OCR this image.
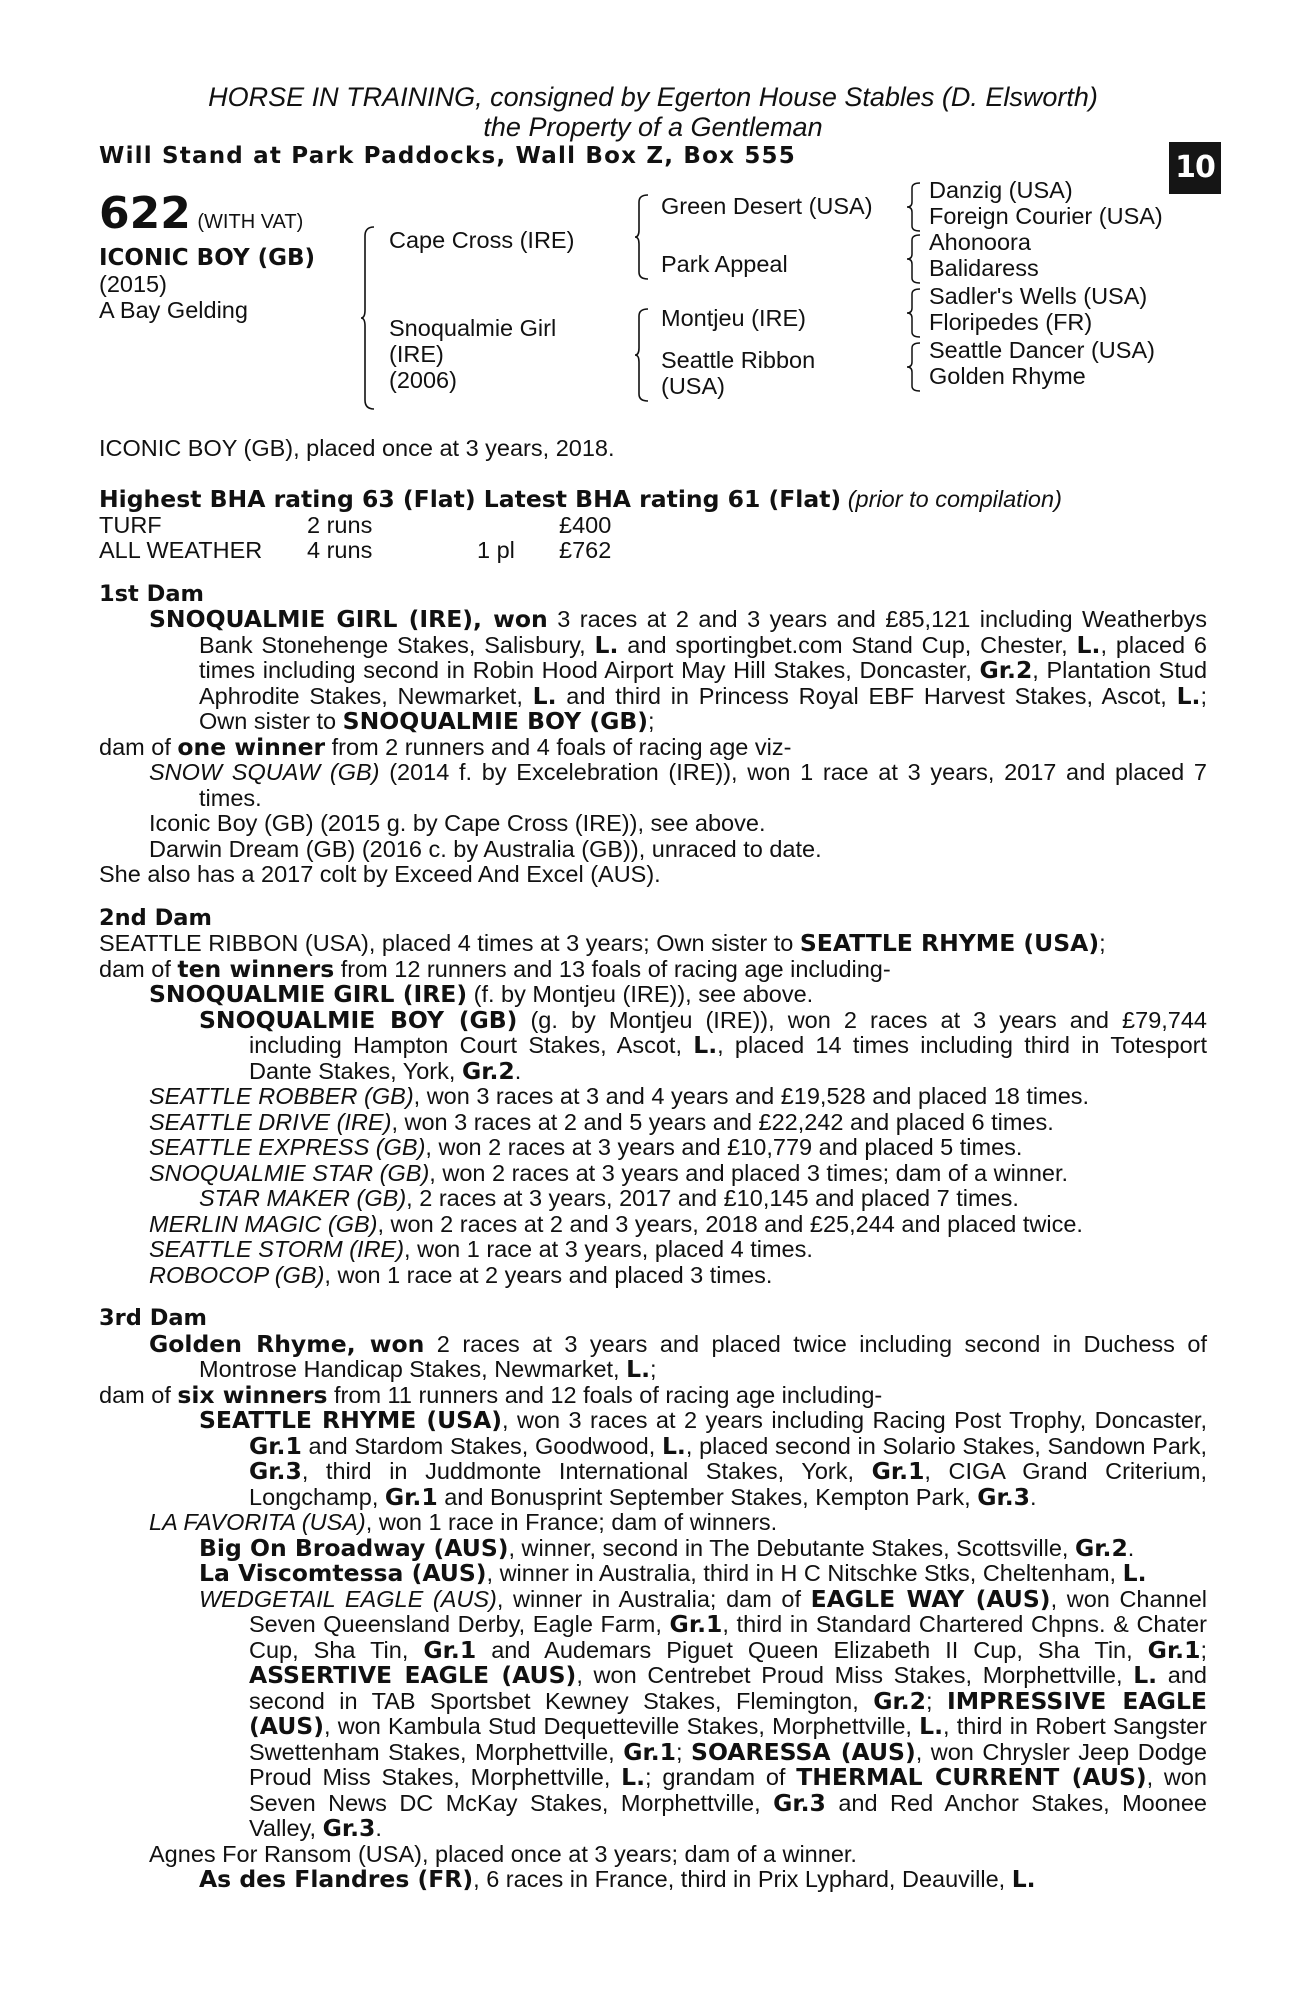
HORSE IN TRAINING, consigned by Egerton House Stables (D. Elsworth)
the Property of a Gentleman
Will Stand at Park Paddocks, Wall Box Z, Box 555
+
10
622 (WITH VAT)
ICONIC BOY (GB)
(2015)
A Bay Gelding
Cape Cross (IRE)
Snoqualmie Girl
(IRE)
(2006)
Green Desert (USA)
Park Appeal
Montjeu (IRE)
Seattle Ribbon
(USA)
Danzig (USA)
Foreign Courier (USA)
Ahonoora
Balidaress
Sadler's Wells (USA)
Floripedes (FR)
Seattle Dancer (USA)
Golden Rhyme

ICONIC BOY (GB), placed once at 3 years, 2018.

Highest BHA rating 63 (Flat) Latest BHA rating 61 (Flat) (prior to compilation)

TURF	2 runs		£400
ALL WEATHER	4 runs	1 pl	£762

1st Dam

SNOQUALMIE GIRL (IRE), won 3 races at 2 and 3 years and £85,121 including Weatherbys Bank Stonehenge Stakes, Salisbury, L. and sportingbet.com Stand Cup, Chester, L., placed 6 times including second in Robin Hood Airport May Hill Stakes, Doncaster, Gr.2, Plantation Stud Aphrodite Stakes, Newmarket, L. and third in Princess Royal EBF Harvest Stakes, Ascot, L.; Own sister to SNOQUALMIE BOY (GB);

dam of one winner from 2 runners and 4 foals of racing age viz-

SNOW SQUAW (GB) (2014 f. by Excelebration (IRE)), won 1 race at 3 years, 2017 and placed 7 times.

Iconic Boy (GB) (2015 g. by Cape Cross (IRE)), see above.

Darwin Dream (GB) (2016 c. by Australia (GB)), unraced to date.

She also has a 2017 colt by Exceed And Excel (AUS).

2nd Dam

SEATTLE RIBBON (USA), placed 4 times at 3 years; Own sister to SEATTLE RHYME (USA);

dam of ten winners from 12 runners and 13 foals of racing age including-

SNOQUALMIE GIRL (IRE) (f. by Montjeu (IRE)), see above.

SNOQUALMIE BOY (GB) (g. by Montjeu (IRE)), won 2 races at 3 years and £79,744 including Hampton Court Stakes, Ascot, L., placed 14 times including third in Totesport Dante Stakes, York, Gr.2.

SEATTLE ROBBER (GB), won 3 races at 3 and 4 years and £19,528 and placed 18 times.

SEATTLE DRIVE (IRE), won 3 races at 2 and 5 years and £22,242 and placed 6 times.

SEATTLE EXPRESS (GB), won 2 races at 3 years and £10,779 and placed 5 times.

SNOQUALMIE STAR (GB), won 2 races at 3 years and placed 3 times; dam of a winner.

STAR MAKER (GB), 2 races at 3 years, 2017 and £10,145 and placed 7 times.

MERLIN MAGIC (GB), won 2 races at 2 and 3 years, 2018 and £25,244 and placed twice.

SEATTLE STORM (IRE), won 1 race at 3 years, placed 4 times.

ROBOCOP (GB), won 1 race at 2 years and placed 3 times.

3rd Dam

Golden Rhyme, won 2 races at 3 years and placed twice including second in Duchess of Montrose Handicap Stakes, Newmarket, L.;

dam of six winners from 11 runners and 12 foals of racing age including-

SEATTLE RHYME (USA), won 3 races at 2 years including Racing Post Trophy, Doncaster, Gr.1 and Stardom Stakes, Goodwood, L., placed second in Solario Stakes, Sandown Park, Gr.3, third in Juddmonte International Stakes, York, Gr.1, CIGA Grand Criterium, Longchamp, Gr.1 and Bonusprint September Stakes, Kempton Park, Gr.3.

LA FAVORITA (USA), won 1 race in France; dam of winners.

Big On Broadway (AUS), winner, second in The Debutante Stakes, Scottsville, Gr.2.

La Viscomtessa (AUS), winner in Australia, third in H C Nitschke Stks, Cheltenham, L.

WEDGETAIL EAGLE (AUS), winner in Australia; dam of EAGLE WAY (AUS), won Channel Seven Queensland Derby, Eagle Farm, Gr.1, third in Standard Chartered Chpns. & Chater Cup, Sha Tin, Gr.1 and Audemars Piguet Queen Elizabeth II Cup, Sha Tin, Gr.1; ASSERTIVE EAGLE (AUS), won Centrebet Proud Miss Stakes, Morphettville, L. and second in TAB Sportsbet Kewney Stakes, Flemington, Gr.2; IMPRESSIVE EAGLE (AUS), won Kambula Stud Dequetteville Stakes, Morphettville, L., third in Robert Sangster Swettenham Stakes, Morphettville, Gr.1; SOARESSA (AUS), won Chrysler Jeep Dodge Proud Miss Stakes, Morphettville, L.; grandam of THERMAL CURRENT (AUS), won Seven News DC McKay Stakes, Morphettville, Gr.3 and Red Anchor Stakes, Moonee Valley, Gr.3.

Agnes For Ransom (USA), placed once at 3 years; dam of a winner.

As des Flandres (FR), 6 races in France, third in Prix Lyphard, Deauville, L.
